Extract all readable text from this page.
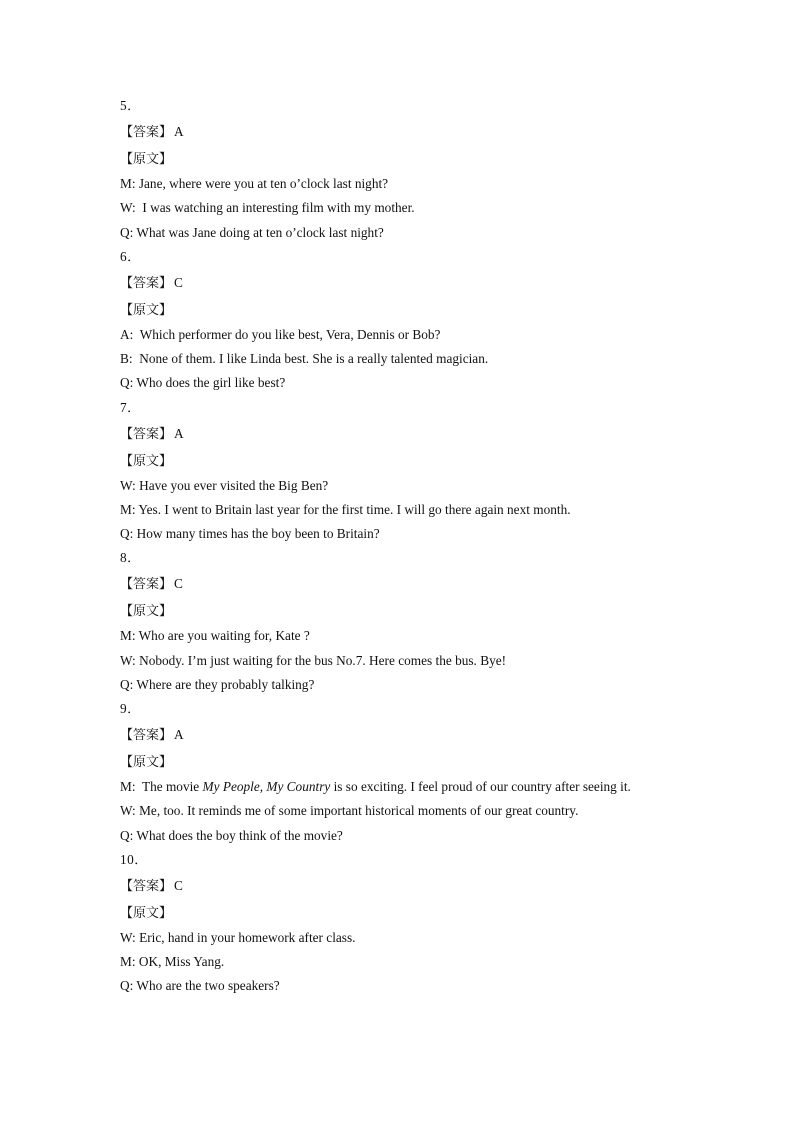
5．
【答案】 A
【原文】
M: Jane, where were you at ten o’clock last night?
W: I was watching an interesting film with my mother.
Q: What was Jane doing at ten o’clock last night?
6．
【答案】 C
【原文】
A: Which performer do you like best, Vera, Dennis or Bob?
B: None of them. I like Linda best. She is a really talented magician.
Q: Who does the girl like best?
7．
【答案】 A
【原文】
W: Have you ever visited the Big Ben?
M: Yes. I went to Britain last year for the first time. I will go there again next month.
Q: How many times has the boy been to Britain?
8．
【答案】 C
【原文】
M: Who are you waiting for, Kate ?
W: Nobody. I’m just waiting for the bus No.7. Here comes the bus. Bye!
Q: Where are they probably talking?
9．
【答案】 A
【原文】
M: The movie My People, My Country is so exciting. I feel proud of our country after seeing it.
W: Me, too. It reminds me of some important historical moments of our great country.
Q: What does the boy think of the movie?
10．
【答案】 C
【原文】
W: Eric, hand in your homework after class.
M: OK, Miss Yang.
Q: Who are the two speakers?
